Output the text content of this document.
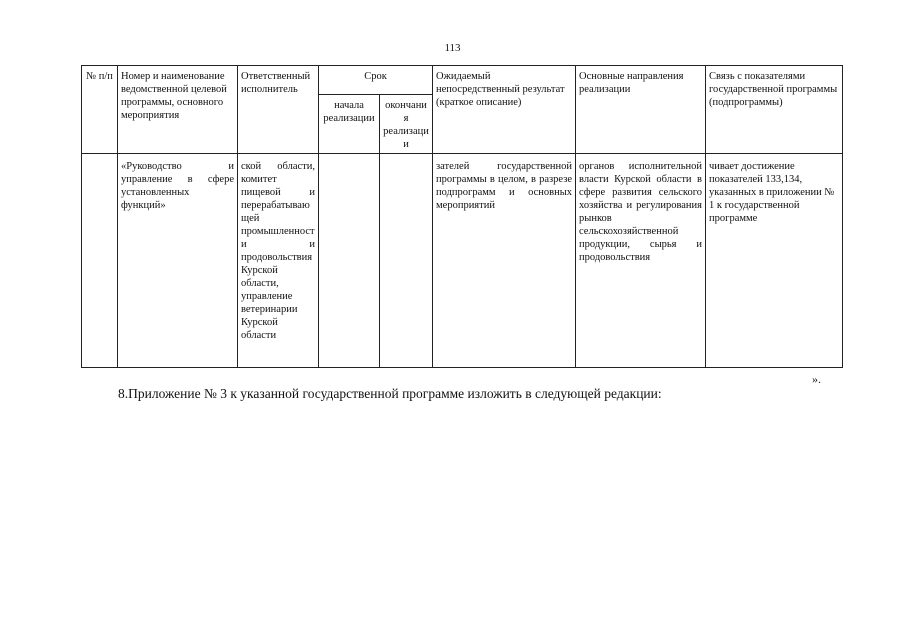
113
№ п/п	Номер и наименование ведомственной целевой программы, основного мероприятия	Ответственный исполнитель	Срок		Ожидаемый непосредственный результат (краткое описание)	Основные направления реализации	Связь с показателями государственной программы (подпрограммы)
			начала реализации	окончания реализации			
	«Руководство и управление в сфере установленных функций»	ской области, комитет пищевой и перерабатывающей промышленности и продовольствия Курской области, управление ветеринарии Курской области			зателей государственной программы в целом, в разрезе подпрограмм и основных мероприятий	органов исполнительной власти Курской области в сфере развития сельского хозяйства и регулирования рынков сельскохозяйственной продукции, сырья и продовольствия	чивает достижение показателей 133,134, указанных в приложении № 1 к государственной программе
».
8.Приложение № 3 к указанной государственной программе изложить в следующей редакции:
